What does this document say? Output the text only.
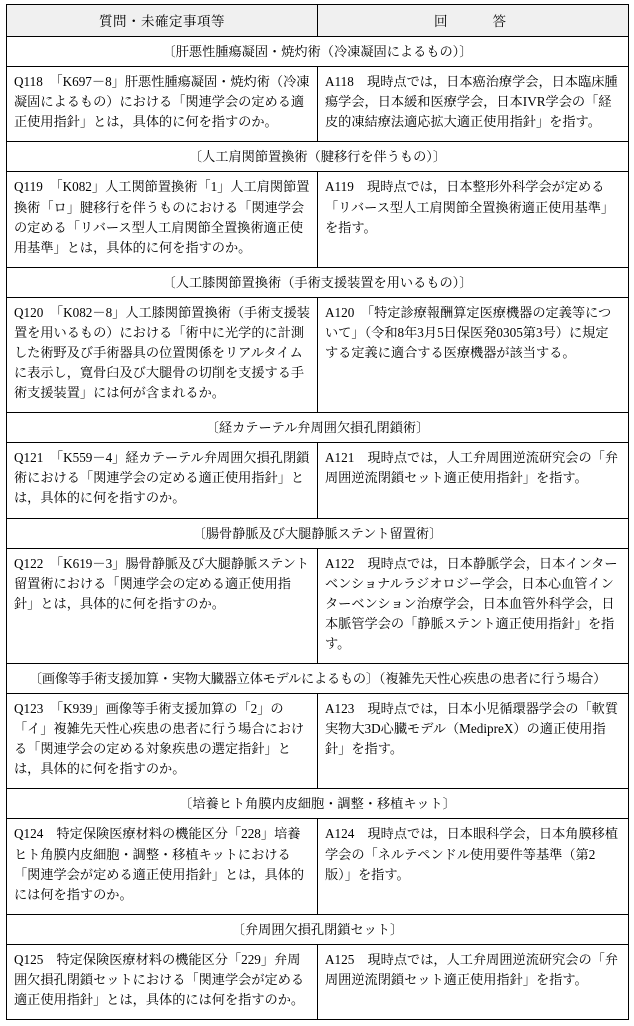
質問・未確定事項等	回　　答
〔肝悪性腫瘍凝固・焼灼術（冷凍凝固によるもの）〕	
Q118　「K697－8」肝悪性腫瘍凝固・焼灼術（冷凍凝固によるもの）における「関連学会の定める適正使用指針」とは，具体的に何を指すのか。	A118　現時点では，日本癌治療学会，日本臨床腫瘍学会，日本緩和医療学会，日本IVR学会の「経皮的凍結療法適応拡大適正使用指針」を指す。
〔人工肩関節置換術（腱移行を伴うもの）〕	
Q119　「K082」人工関節置換術「1」人工肩関節置換術「ロ」腱移行を伴うものにおける「関連学会の定める「リバース型人工肩関節全置換術適正使用基準」とは，具体的に何を指すのか。	A119　現時点では，日本整形外科学会が定める「リバース型人工肩関節全置換術適正使用基準」を指す。
〔人工膝関節置換術（手術支援装置を用いるもの）〕	
Q120　「K082－8」人工膝関節置換術（手術支援装置を用いるもの）における「術中に光学的に計測した術野及び手術器具の位置関係をリアルタイムに表示し，寛骨臼及び大腿骨の切削を支援する手術支援装置」には何が含まれるか。	A120　「特定診療報酬算定医療機器の定義等について」（令和8年3月5日保医発0305第3号）に規定する定義に適合する医療機器が該当する。
〔経カテーテル弁周囲欠損孔閉鎖術〕	
Q121　「K559－4」経カテーテル弁周囲欠損孔閉鎖術における「関連学会の定める適正使用指針」とは，具体的に何を指すのか。	A121　現時点では，人工弁周囲逆流研究会の「弁周囲逆流閉鎖セット適正使用指針」を指す。
〔腸骨静脈及び大腿静脈ステント留置術〕	
Q122　「K619－3」腸骨静脈及び大腿静脈ステント留置術における「関連学会の定める適正使用指針」とは，具体的に何を指すのか。	A122　現時点では，日本静脈学会，日本インターベンショナルラジオロジー学会，日本心血管インターベンション治療学会，日本血管外科学会，日本脈管学会の「静脈ステント適正使用指針」を指す。
〔画像等手術支援加算・実物大臓器立体モデルによるもの〕（複雑先天性心疾患の患者に行う場合）	
Q123　「K939」画像等手術支援加算の「2」の「イ」複雑先天性心疾患の患者に行う場合における「関連学会の定める対象疾患の選定指針」とは，具体的に何を指すのか。	A123　現時点では，日本小児循環器学会の「軟質実物大3D心臓モデル（MedipreX）の適正使用指針」を指す。
〔培養ヒト角膜内皮細胞・調整・移植キット〕	
Q124　特定保険医療材料の機能区分「228」培養ヒト角膜内皮細胞・調整・移植キットにおける「関連学会が定める適正使用指針」とは，具体的には何を指すのか。	A124　現時点では，日本眼科学会，日本角膜移植学会の「ネルテペンドル使用要件等基準（第2版）」を指す。
〔弁周囲欠損孔閉鎖セット〕	
Q125　特定保険医療材料の機能区分「229」弁周囲欠損孔閉鎖セットにおける「関連学会が定める適正使用指針」とは，具体的には何を指すのか。	A125　現時点では，人工弁周囲逆流研究会の「弁周囲逆流閉鎖セット適正使用指針」を指す。
